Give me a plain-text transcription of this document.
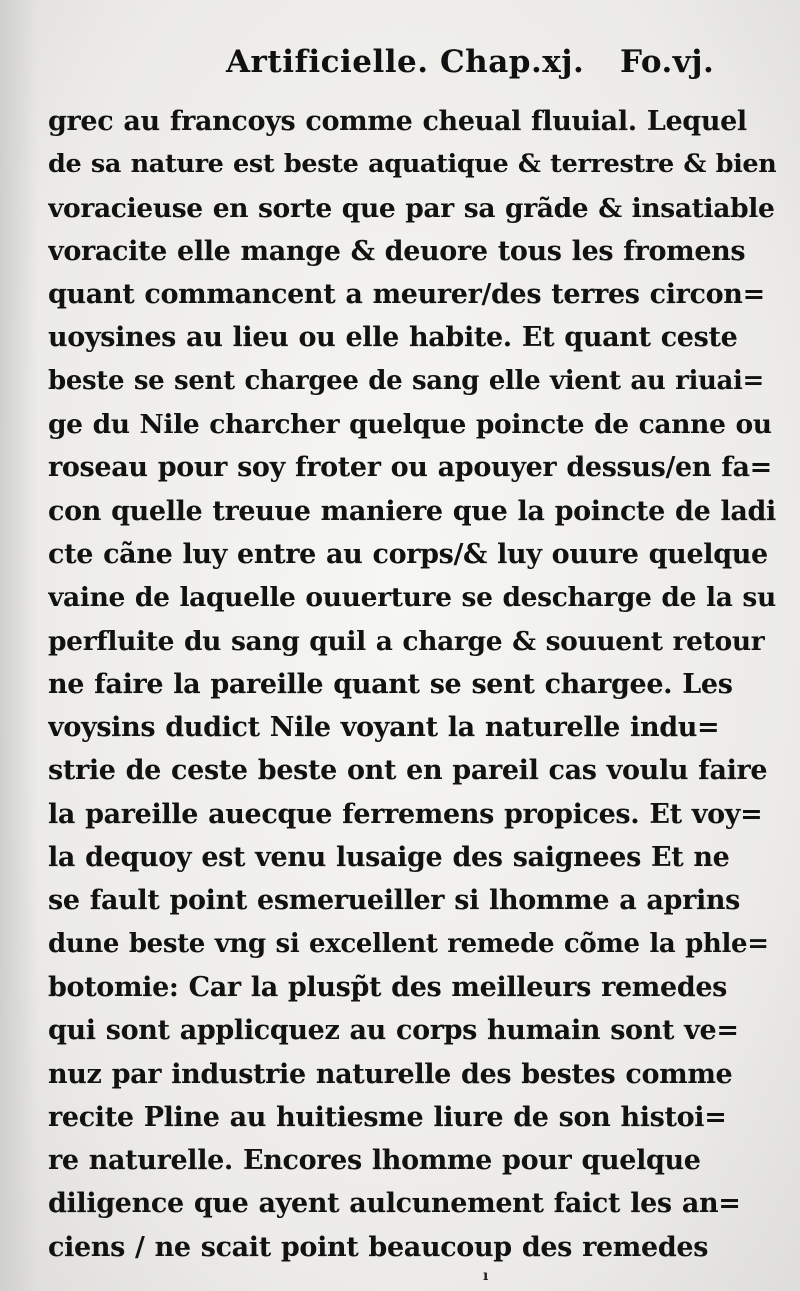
Artificielle. Chap.xj. Fo.vj.
grec au francoys comme cheual fluuial. Lequel
de sa nature est beste aquatique & terrestre & bien
voracieuse en sorte que par sa grãde & insatiable
voracite elle mange & deuore tous les fromens
quant commancent a meurer/des terres circon=
uoysines au lieu ou elle habite. Et quant ceste
beste se sent chargee de sang elle vient au riuai=
ge du Nile charcher quelque poincte de canne ou
roseau pour soy froter ou apouyer dessus/en fa=
con quelle treuue maniere que la poincte de ladi
cte cãne luy entre au corps/& luy ouure quelque
vaine de laquelle ouuerture se descharge de la su
perfluite du sang quil a charge & souuent retour
ne faire la pareille quant se sent chargee. Les
voysins dudict Nile voyant la naturelle indu=
strie de ceste beste ont en pareil cas voulu faire
la pareille auecque ferremens propices. Et voy=
la dequoy est venu lusaige des saignees Et ne
se fault point esmerueiller si lhomme a aprins
dune beste vng si excellent remede cõme la phle=
botomie: Car la plusp̃t des meilleurs remedes
qui sont applicquez au corps humain sont ve=
nuz par industrie naturelle des bestes comme
recite Pline au huitiesme liure de son histoi=
re naturelle. Encores lhomme pour quelque
diligence que ayent aulcunement faict les an=
ciens / ne scait point beaucoup des remedes
ı
